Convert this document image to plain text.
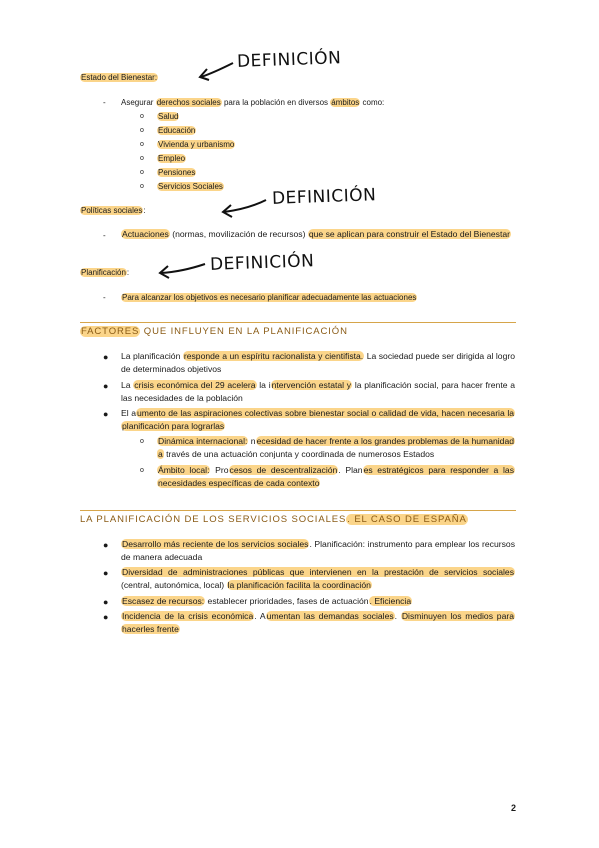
Estado del Bienestar:
DEFINICIÓN
- Asegurar derechos sociales para la población en diversos ámbitos como:
o Salud
o Educación
o Vivienda y urbanismo
o Empleo
o Pensiones
o Servicios Sociales
Políticas sociales:
DEFINICIÓN
- Actuaciones (normas, movilización de recursos) que se aplican para construir el Estado del Bienestar
Planificación:	DEFINICIÓN
- Para alcanzar los objetivos es necesario planificar adecuadamente las actuaciones
FACTORES QUE INFLUYEN EN LA PLANIFICACIÓN
● La planificación responde a un espíritu racionalista y cientifista. La sociedad puede ser dirigida al logro de determinados objetivos
● La crisis económica del 29 acelera la intervención estatal y la planificación social, para hacer frente a las necesidades de la población
● El aumento de las aspiraciones colectivas sobre bienestar social o calidad de vida, hacen necesaria la planificación para lograrlas
o Dinámica internacional: necesidad de hacer frente a los grandes problemas de la humanidad a través de una actuación conjunta y coordinada de numerosos Estados
o Ámbito local: Procesos de descentralización. Planes estratégicos para responder a las necesidades específicas de cada contexto
LA PLANIFICACIÓN DE LOS SERVICIOS SOCIALES. EL CASO DE ESPAÑA
● Desarrollo más reciente de los servicios sociales. Planificación: instrumento para emplear los recursos de manera adecuada
● Diversidad de administraciones públicas que intervienen en la prestación de servicios sociales (central, autonómica, local) la planificación facilita la coordinación
● Escasez de recursos: establecer prioridades, fases de actuación. Eficiencia
● Incidencia de la crisis económica. Aumentan las demandas sociales. Disminuyen los medios para hacerles frente
2
